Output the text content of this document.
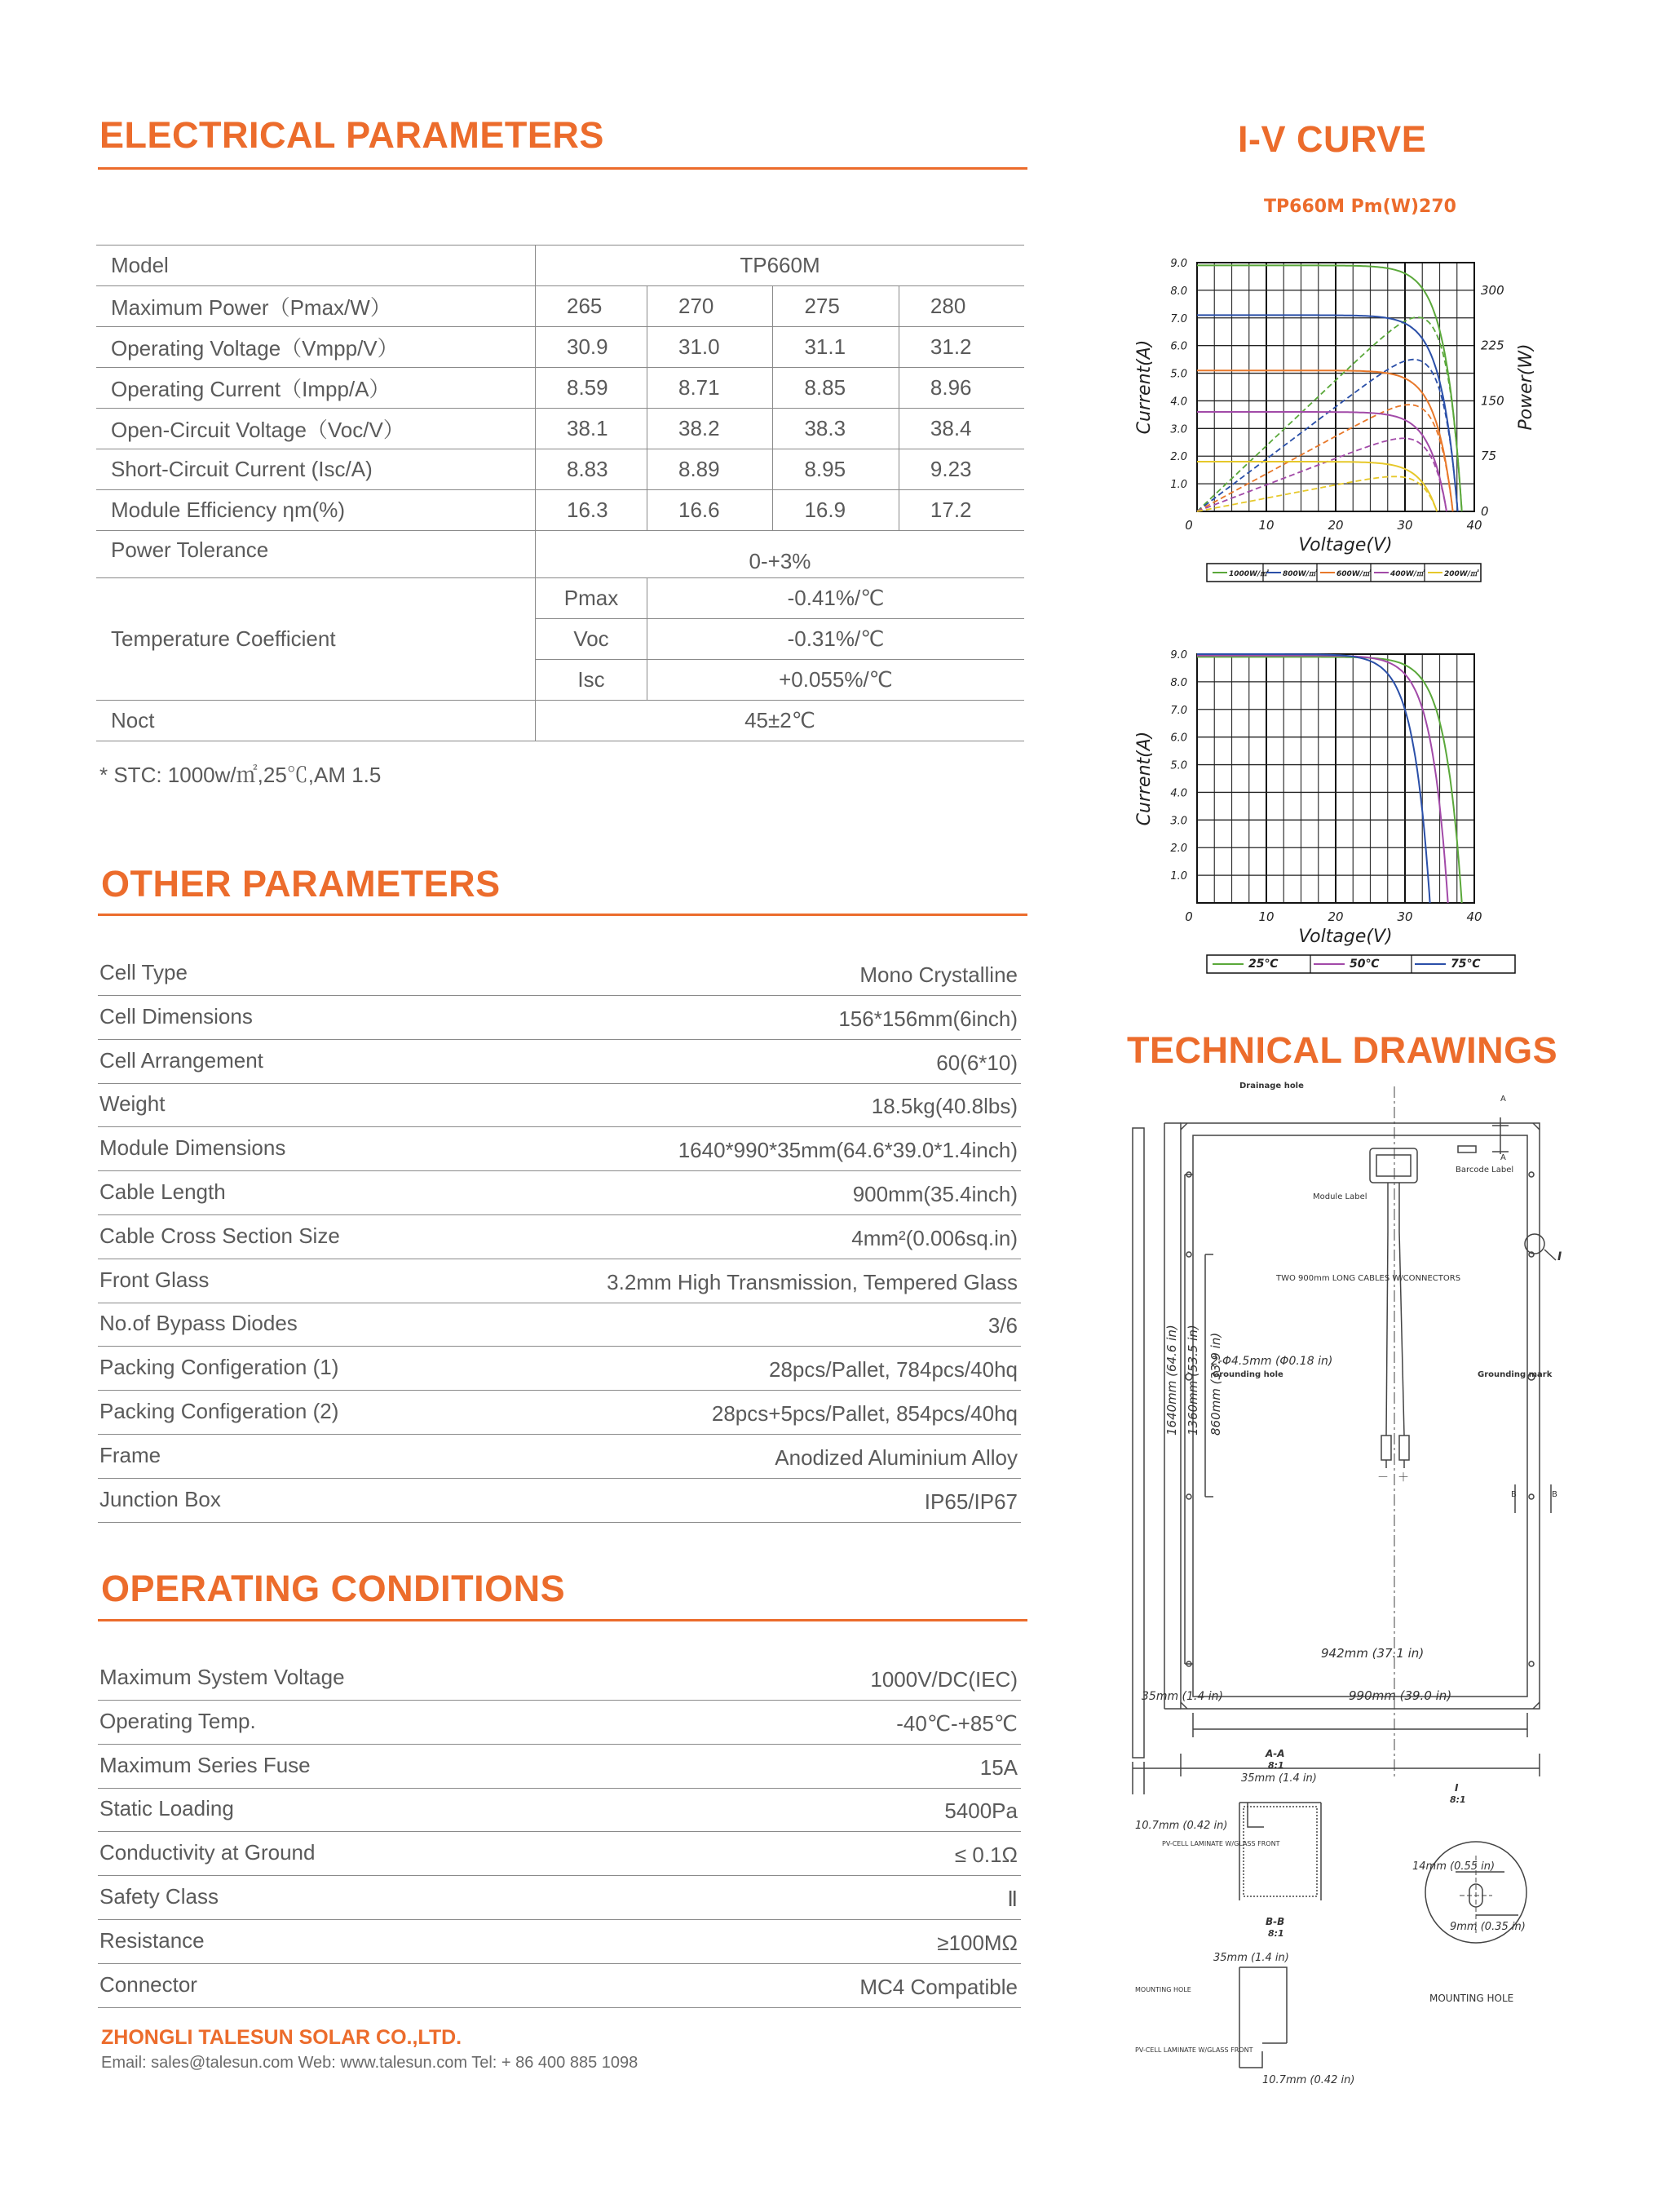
ELECTRICAL PARAMETERS
Model	TP660M			
Maximum Power（Pmax/W）	265	270	275	280
Operating Voltage（Vmpp/V）	30.9	31.0	31.1	31.2
Operating Current（Impp/A）	8.59	8.71	8.85	8.96
Open-Circuit Voltage（Voc/V）	38.1	38.2	38.3	38.4
Short-Circuit Current (Isc/A)	8.83	8.89	8.95	9.23
Module Efficiency ηm(%)	16.3	16.6	16.9	17.2
Power Tolerance	0-+3%			
Temperature Coefficient	Pmax	-0.41%/℃		
	Voc	-0.31%/℃		
	Isc	+0.055%/℃		
Noct	45±2℃			
* STC: 1000w/㎡,25℃,AM 1.5
OTHER PARAMETERS
Cell Type	Mono Crystalline
Cell Dimensions	156*156mm(6inch)
Cell Arrangement	60(6*10)
Weight	18.5kg(40.8lbs)
Module Dimensions	1640*990*35mm(64.6*39.0*1.4inch)
Cable Length	900mm(35.4inch)
Cable Cross Section Size	4mm²(0.006sq.in)
Front Glass	3.2mm High Transmission, Tempered Glass
No.of Bypass Diodes	3/6
Packing Configeration (1)	28pcs/Pallet, 784pcs/40hq
Packing Configeration (2)	28pcs+5pcs/Pallet, 854pcs/40hq
Frame	Anodized Aluminium Alloy
Junction Box	IP65/IP67
OPERATING CONDITIONS
Maximum System Voltage	1000V/DC(IEC)
Operating Temp.	-40℃-+85℃
Maximum Series Fuse	15A
Static Loading	5400Pa
Conductivity at Ground	≤ 0.1Ω
Safety Class	Ⅱ
Resistance	≥100MΩ
Connector	MC4 Compatible
ZHONGLI TALESUN SOLAR CO.,LTD.
Email: sales@talesun.com Web: www.talesun.com Tel: + 86 400 885 1098
I-V CURVE
TP660M Pm(W)270
1.0
2.0
3.0
4.0
5.0
6.0
7.0
8.0
9.0
0	10	20	30	40
Voltage(V)
Current(A)
0
75
150
225
300
Power(W)
1000W/㎡ 800W/㎡	600W/㎡	400W/㎡	200W/㎡
1.0
2.0
3.0
4.0
5.0
6.0
7.0
8.0
9.0
0	10	20	30	40
Voltage(V)
Current(A)
25℃	50℃	75℃
TECHNICAL DRAWINGS
Drainage hole
A
A
Barcode Label
Module Label
TWO 900mm LONG CABLES W/CONNECTORS
2-Φ4.5mm (Φ0.18 in)
Grounding hole	Grounding mark
－ ＋
B	B
I
942mm (37.1 in)
990mm (39.0 in)
35mm (1.4 in)
1640mm (64.6 in) 1360mm (53.5 in) 860mm (33.9 in)
A-A
8:1
35mm (1.4 in)
10.7mm (0.42 in)
PV-CELL LAMINATE W/GLASS FRONT
B-B
8:1
35mm (1.4 in)
MOUNTING HOLE
PV-CELL LAMINATE W/GLASS FRONT
10.7mm (0.42 in)
I
8:1
14mm (0.55 in)
9mm (0.35 in)
MOUNTING HOLE
